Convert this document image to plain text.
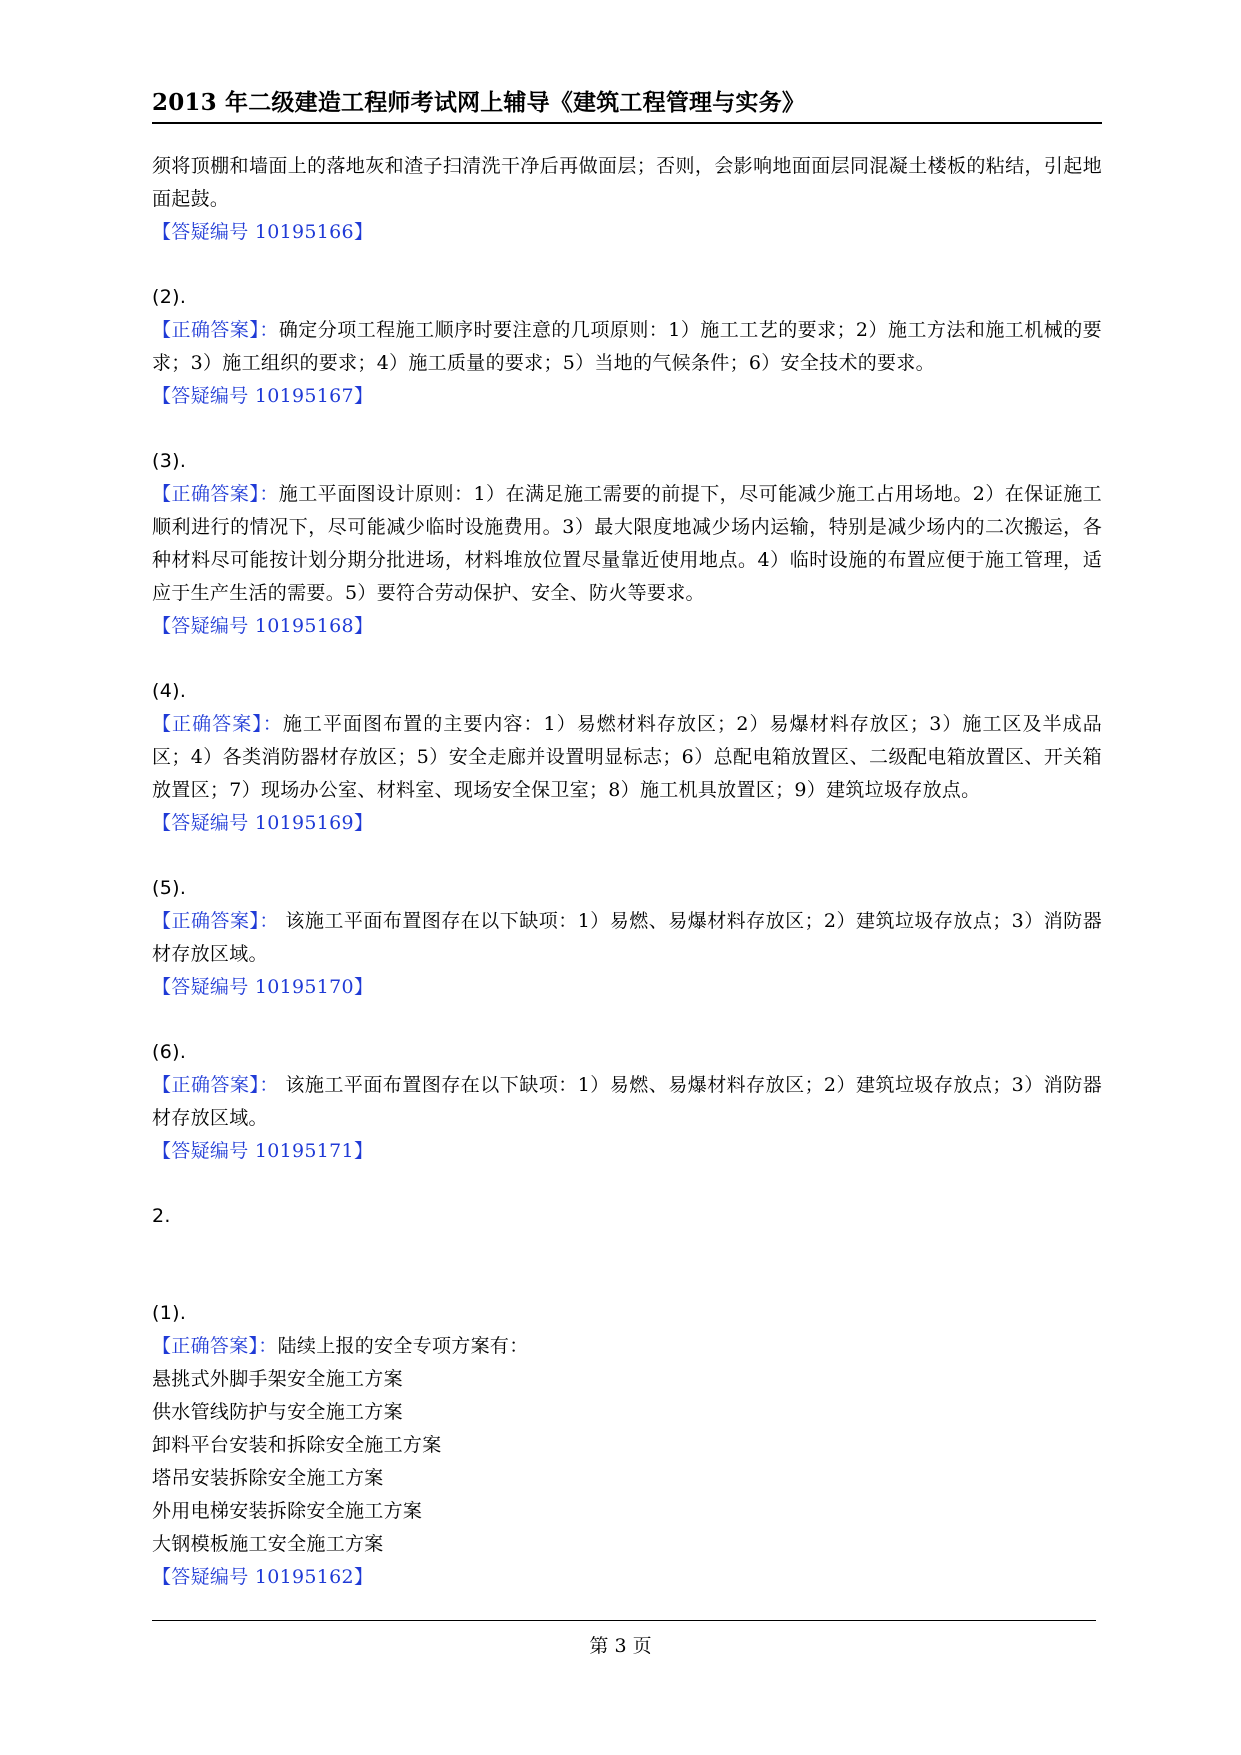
2013 年二级建造工程师考试网上辅导《建筑工程管理与实务》

须将顶棚和墙面上的落地灰和渣子扫清洗干净后再做面层；否则，会影响地面面层同混凝土楼板的粘结，引起地面起鼓。

【答疑编号 10195166】

(2).

【正确答案】：确定分项工程施工顺序时要注意的几项原则：1）施工工艺的要求；2）施工方法和施工机械的要求；3）施工组织的要求；4）施工质量的要求；5）当地的气候条件；6）安全技术的要求。

【答疑编号 10195167】

(3).

【正确答案】：施工平面图设计原则：1）在满足施工需要的前提下，尽可能减少施工占用场地。2）在保证施工顺利进行的情况下，尽可能减少临时设施费用。3）最大限度地减少场内运输，特别是减少场内的二次搬运，各种材料尽可能按计划分期分批进场，材料堆放位置尽量靠近使用地点。4）临时设施的布置应便于施工管理，适应于生产生活的需要。5）要符合劳动保护、安全、防火等要求。

【答疑编号 10195168】

(4).

【正确答案】：施工平面图布置的主要内容：1）易燃材料存放区；2）易爆材料存放区；3）施工区及半成品区；4）各类消防器材存放区；5）安全走廊并设置明显标志；6）总配电箱放置区、二级配电箱放置区、开关箱放置区；7）现场办公室、材料室、现场安全保卫室；8）施工机具放置区；9）建筑垃圾存放点。

【答疑编号 10195169】

(5).

【正确答案】： 该施工平面布置图存在以下缺项：1）易燃、易爆材料存放区；2）建筑垃圾存放点；3）消防器材存放区域。

【答疑编号 10195170】

(6).

【正确答案】： 该施工平面布置图存在以下缺项：1）易燃、易爆材料存放区；2）建筑垃圾存放点；3）消防器材存放区域。

【答疑编号 10195171】

2.

(1).

【正确答案】：陆续上报的安全专项方案有：

悬挑式外脚手架安全施工方案

供水管线防护与安全施工方案

卸料平台安装和拆除安全施工方案

塔吊安装拆除安全施工方案

外用电梯安装拆除安全施工方案

大钢模板施工安全施工方案

【答疑编号 10195162】

第 3 页
